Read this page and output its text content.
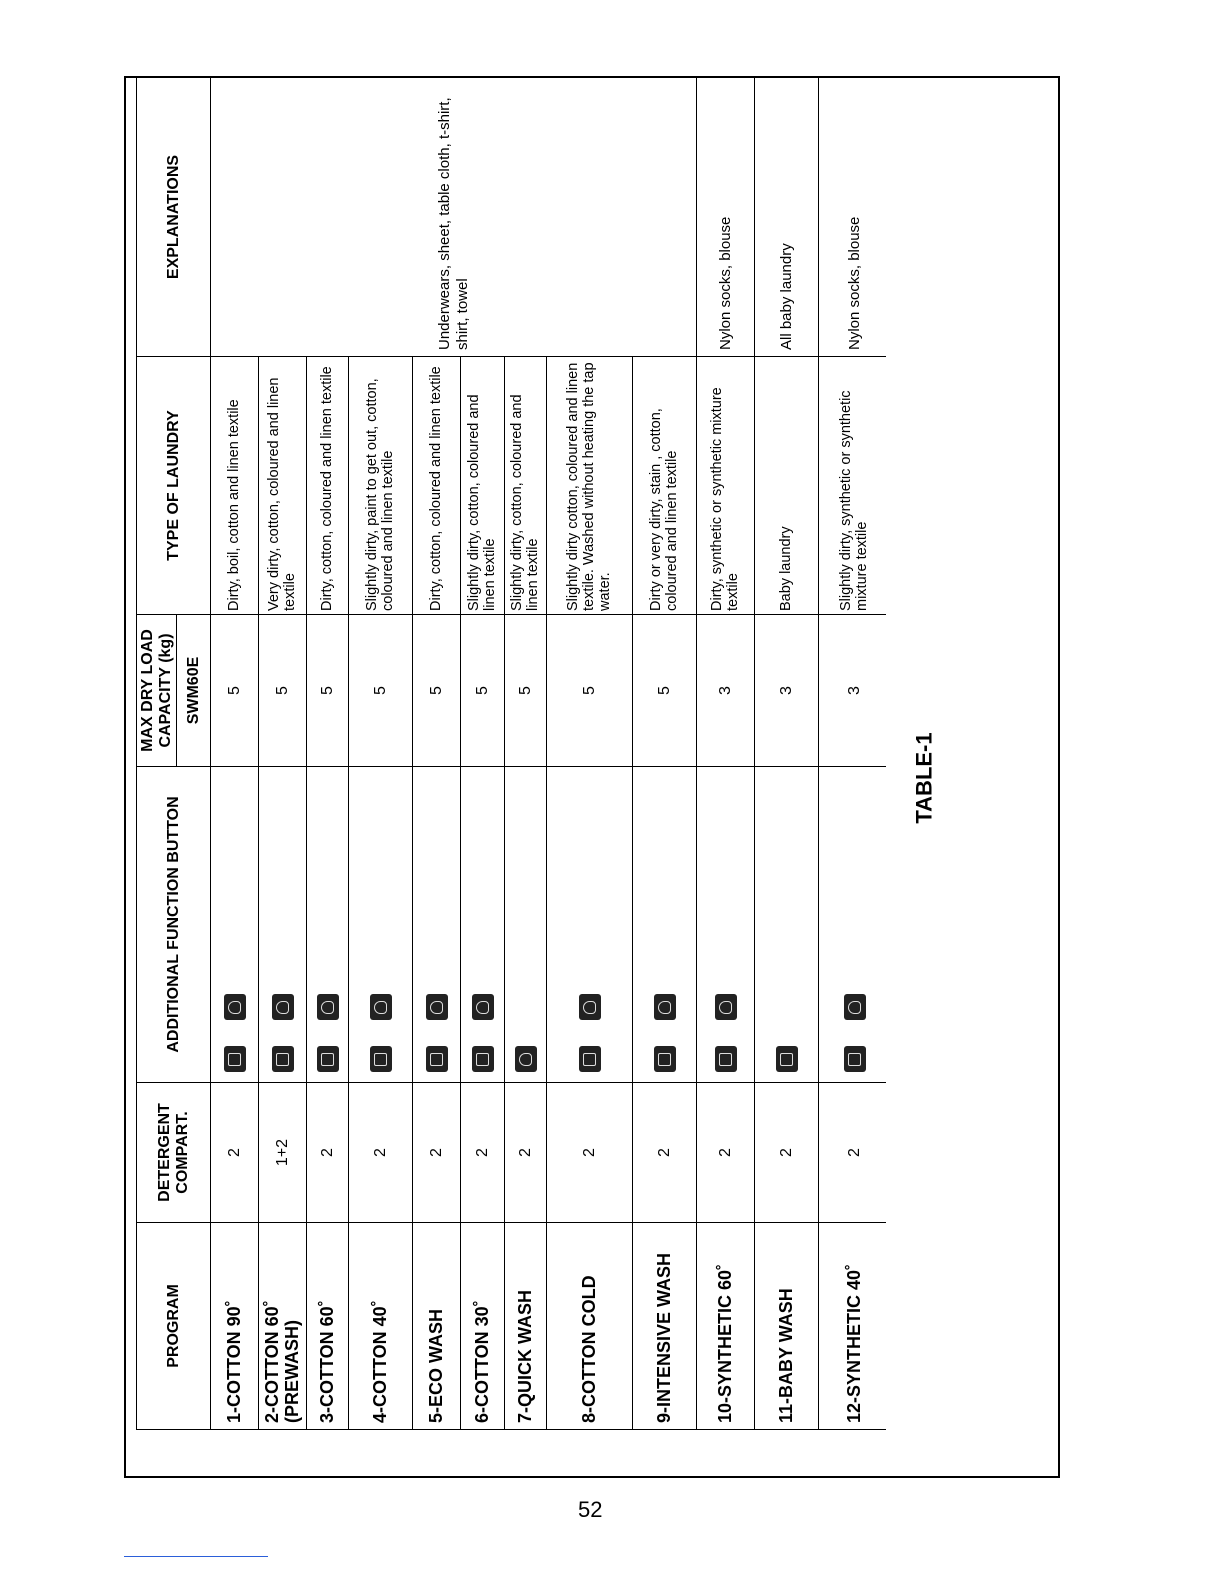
PROGRAM	DETERGENT COMPART.	ADDITIONAL FUNCTION BUTTON	MAX DRY LOAD CAPACITY (kg)	TYPE OF LAUNDRY	EXPLANATIONS
			SWM60E		
1-COTTON 90˚	2		5	Dirty, boil, cotton and linen textile	Underwears, sheet, table cloth, t-shirt, shirt, towel
2-COTTON 60˚ (PREWASH)	1+2		5	Very dirty, cotton, coloured and linen textile	
3-COTTON 60˚	2		5	Dirty, cotton, coloured and linen textile	
4-COTTON 40˚	2		5	Slightly dirty, paint to get out, cotton, coloured and linen textile	
5-ECO WASH	2		5	Dirty, cotton, coloured and linen textile	
6-COTTON 30˚	2		5	Slightly dirty, cotton, coloured and linen textile	
7-QUICK WASH	2		5	Slightly dirty, cotton, coloured and linen textile	
8-COTTON COLD	2		5	Slightly dirty cotton, coloured and linen textile. Washed without heating the tap water.	
9-INTENSIVE WASH	2		5	Dirty or very dirty, stain , cotton, coloured and linen textile	
10-SYNTHETIC 60˚	2		3	Dirty, synthetic or synthetic mixture textile	Nylon socks, blouse
11-BABY WASH	2		3	Baby laundry	All baby laundry
12-SYNTHETIC 40˚	2		3	Slightly dirty, synthetic or synthetic mixture textile	Nylon socks, blouse
TABLE-1
52
